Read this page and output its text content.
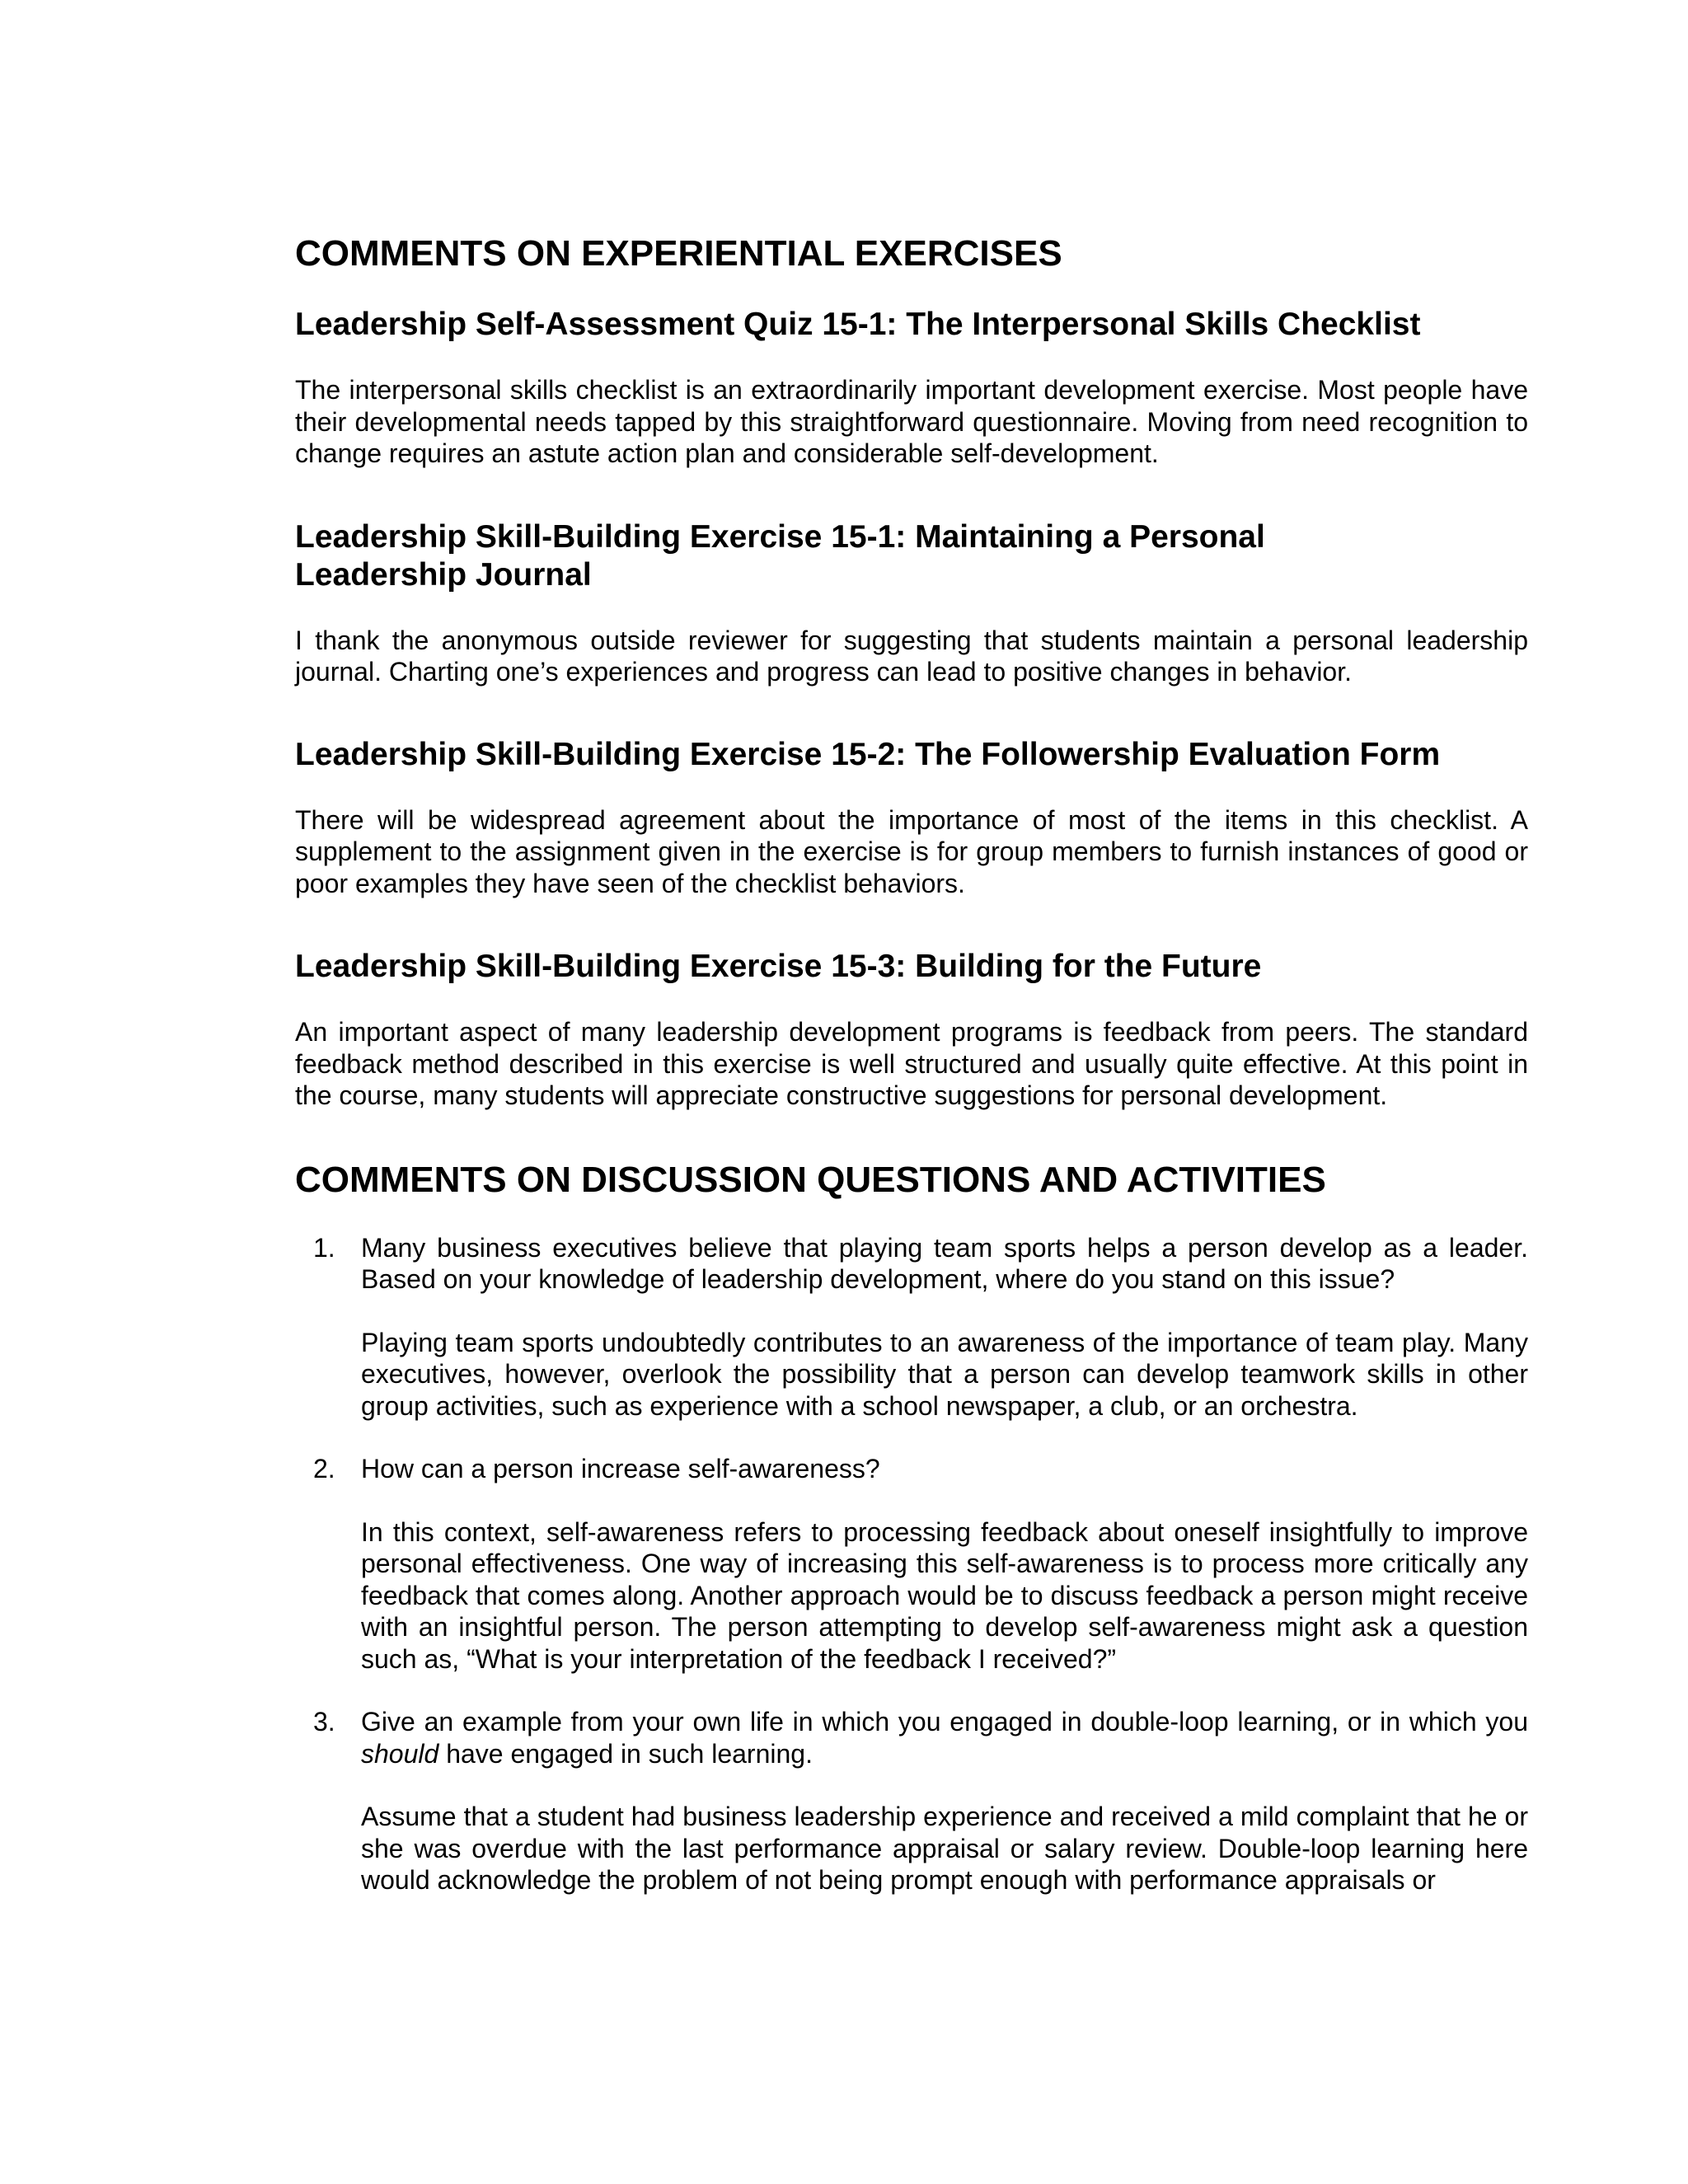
COMMENTS ON EXPERIENTIAL EXERCISES
Leadership Self-Assessment Quiz 15-1: The Interpersonal Skills Checklist

The interpersonal skills checklist is an extraordinarily important development exercise. Most people have their developmental needs tapped by this straightforward questionnaire. Moving from need recognition to change requires an astute action plan and considerable self-development.

Leadership Skill-Building Exercise 15-1: Maintaining a Personal
Leadership Journal

I thank the anonymous outside reviewer for suggesting that students maintain a personal leadership journal. Charting one’s experiences and progress can lead to positive changes in behavior.

Leadership Skill-Building Exercise 15-2: The Followership Evaluation Form

There will be widespread agreement about the importance of most of the items in this checklist. A supplement to the assignment given in the exercise is for group members to furnish instances of good or poor examples they have seen of the checklist behaviors.

Leadership Skill-Building Exercise 15-3: Building for the Future

An important aspect of many leadership development programs is feedback from peers. The standard feedback method described in this exercise is well structured and usually quite effective. At this point in the course, many students will appreciate constructive suggestions for personal development.

COMMENTS ON DISCUSSION QUESTIONS AND ACTIVITIES
1. Many business executives believe that playing team sports helps a person develop as a leader. Based on your knowledge of leadership development, where do you stand on this issue?

Playing team sports undoubtedly contributes to an awareness of the importance of team play. Many executives, however, overlook the possibility that a person can develop teamwork skills in other group activities, such as experience with a school newspaper, a club, or an orchestra.

2. How can a person increase self-awareness?

In this context, self-awareness refers to processing feedback about oneself insightfully to improve personal effectiveness. One way of increasing this self-awareness is to process more critically any feedback that comes along. Another approach would be to discuss feedback a person might receive with an insightful person. The person attempting to develop self-awareness might ask a question such as, “What is your interpretation of the feedback I received?”

3. Give an example from your own life in which you engaged in double-loop learning, or in which you should have engaged in such learning.

Assume that a student had business leadership experience and received a mild complaint that he or she was overdue with the last performance appraisal or salary review. Double-loop learning here would acknowledge the problem of not being prompt enough with performance appraisals or
